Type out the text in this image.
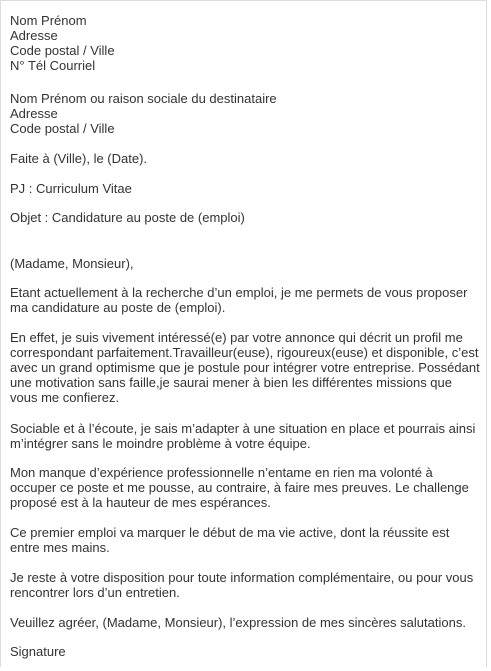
Nom Prénom
Adresse
Code postal / Ville
N° Tél Courriel
Nom Prénom ou raison sociale du destinataire
Adresse
Code postal / Ville
Faite à (Ville), le (Date).
PJ : Curriculum Vitae
Objet : Candidature au poste de (emploi)
(Madame, Monsieur),

Etant actuellement à la recherche d’un emploi, je me permets de vous proposer
ma candidature au poste de (emploi).

En effet, je suis vivement intéressé(e) par votre annonce qui décrit un profil me
correspondant parfaitement.Travailleur(euse), rigoureux(euse) et disponible, c’est
avec un grand optimisme que je postule pour intégrer votre entreprise. Possédant
une motivation sans faille,je saurai mener à bien les différentes missions que
vous me confierez.

Sociable et à l’écoute, je sais m’adapter à une situation en place et pourrais ainsi
m’intégrer sans le moindre problème à votre équipe.

Mon manque d’expérience professionnelle n’entame en rien ma volonté à
occuper ce poste et me pousse, au contraire, à faire mes preuves. Le challenge
proposé est à la hauteur de mes espérances.

Ce premier emploi va marquer le début de ma vie active, dont la réussite est
entre mes mains.

Je reste à votre disposition pour toute information complémentaire, ou pour vous
rencontrer lors d’un entretien.

Veuillez agréer, (Madame, Monsieur), l’expression de mes sincères salutations.

Signature
